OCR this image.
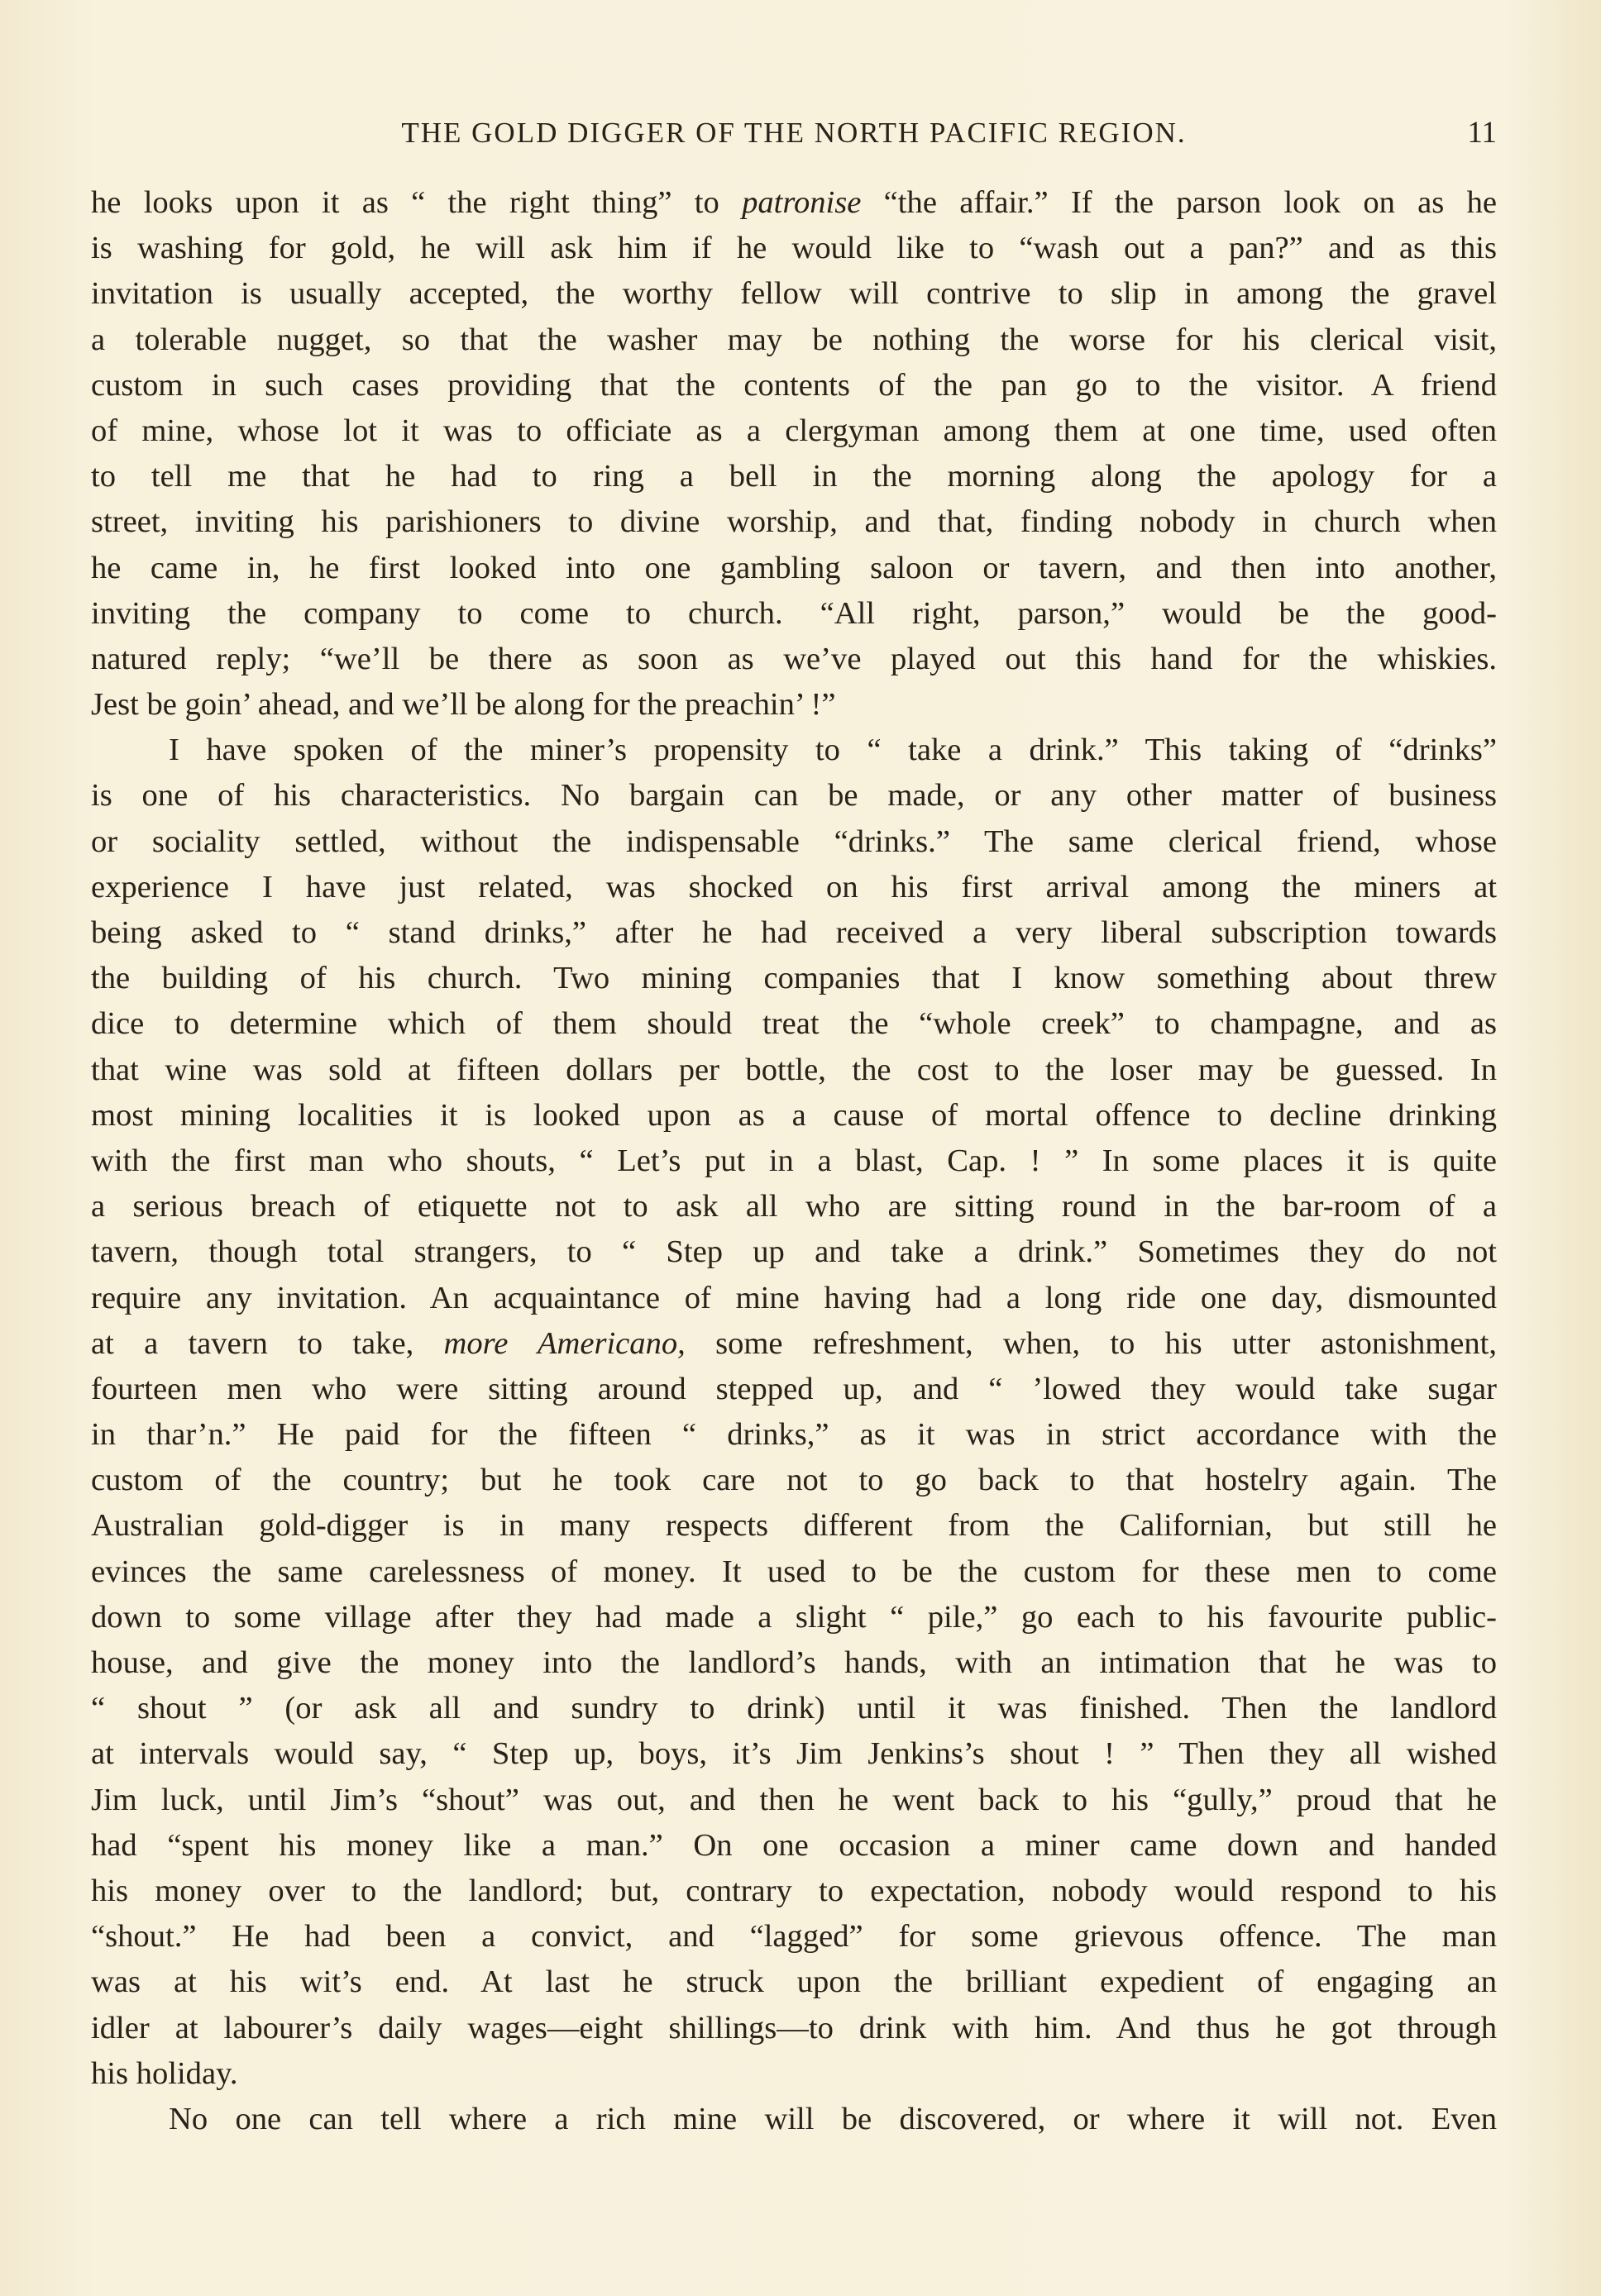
THE GOLD DIGGER OF THE NORTH PACIFIC REGION.	11
he looks upon it as “ the right thing” to patronise “the affair.” If the parson look on as he
is washing for gold, he will ask him if he would like to “wash out a pan?” and as this
invitation is usually accepted, the worthy fellow will contrive to slip in among the gravel
a tolerable nugget, so that the washer may be nothing the worse for his clerical visit,
custom in such cases providing that the contents of the pan go to the visitor. A friend
of mine, whose lot it was to officiate as a clergyman among them at one time, used often
to tell me that he had to ring a bell in the morning along the apology for a
street, inviting his parishioners to divine worship, and that, finding nobody in church when
he came in, he first looked into one gambling saloon or tavern, and then into another,
inviting the company to come to church. “All right, parson,” would be the good-
natured reply; “we’ll be there as soon as we’ve played out this hand for the whiskies.
Jest be goin’ ahead, and we’ll be along for the preachin’ !”
I have spoken of the miner’s propensity to “ take a drink.” This taking of “drinks”
is one of his characteristics. No bargain can be made, or any other matter of business
or sociality settled, without the indispensable “drinks.” The same clerical friend, whose
experience I have just related, was shocked on his first arrival among the miners at
being asked to “ stand drinks,” after he had received a very liberal subscription towards
the building of his church. Two mining companies that I know something about threw
dice to determine which of them should treat the “whole creek” to champagne, and as
that wine was sold at fifteen dollars per bottle, the cost to the loser may be guessed. In
most mining localities it is looked upon as a cause of mortal offence to decline drinking
with the first man who shouts, “ Let’s put in a blast, Cap. ! ” In some places it is quite
a serious breach of etiquette not to ask all who are sitting round in the bar-room of a
tavern, though total strangers, to “ Step up and take a drink.” Sometimes they do not
require any invitation. An acquaintance of mine having had a long ride one day, dismounted
at a tavern to take, more Americano, some refreshment, when, to his utter astonishment,
fourteen men who were sitting around stepped up, and “ ’lowed they would take sugar
in thar’n.” He paid for the fifteen “ drinks,” as it was in strict accordance with the
custom of the country; but he took care not to go back to that hostelry again. The
Australian gold-digger is in many respects different from the Californian, but still he
evinces the same carelessness of money. It used to be the custom for these men to come
down to some village after they had made a slight “ pile,” go each to his favourite public-
house, and give the money into the landlord’s hands, with an intimation that he was to
“ shout ” (or ask all and sundry to drink) until it was finished. Then the landlord
at intervals would say, “ Step up, boys, it’s Jim Jenkins’s shout ! ” Then they all wished
Jim luck, until Jim’s “shout” was out, and then he went back to his “gully,” proud that he
had “spent his money like a man.” On one occasion a miner came down and handed
his money over to the landlord; but, contrary to expectation, nobody would respond to his
“shout.” He had been a convict, and “lagged” for some grievous offence. The man
was at his wit’s end. At last he struck upon the brilliant expedient of engaging an
idler at labourer’s daily wages—eight shillings—to drink with him. And thus he got through
his holiday.
No one can tell where a rich mine will be discovered, or where it will not. Even
